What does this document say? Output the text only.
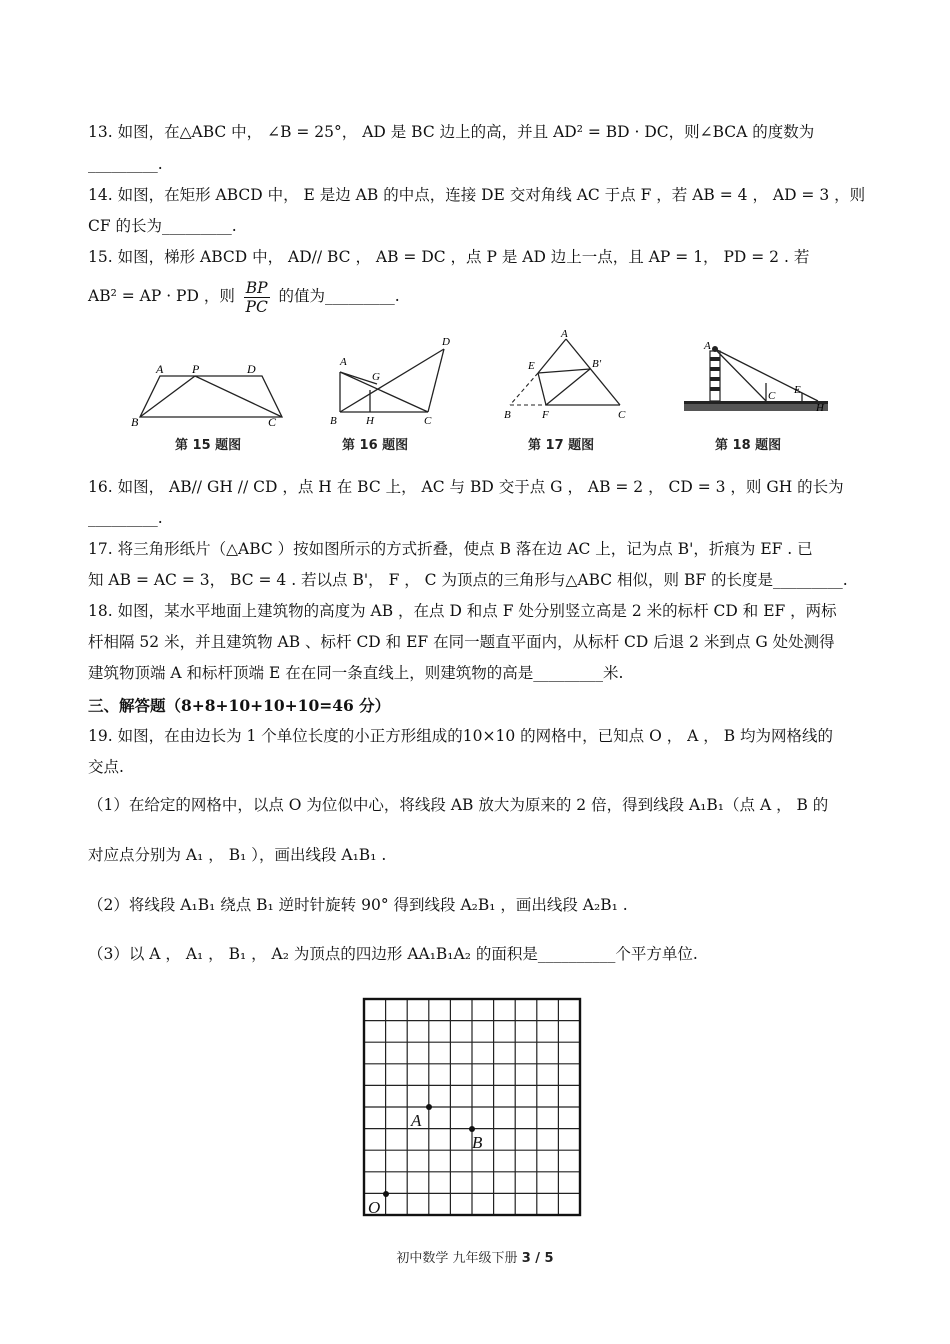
13. 如图，在△ABC 中， ∠B = 25°， AD 是 BC 边上的高，并且 AD² = BD · DC，则∠BCA 的度数为
_________.
14. 如图，在矩形 ABCD 中， E 是边 AB 的中点，连接 DE 交对角线 AC 于点 F ，若 AB = 4 ， AD = 3 ，则
CF 的长为_________.
15. 如图，梯形 ABCD 中， AD// BC ， AB = DC ，点 P 是 AD 边上一点，且 AP = 1， PD = 2 . 若
AB² = AP · PD ，则 $\frac{BP}{PC}$ 的值为_________.
A P	D
B	C
第 15 题图
A
G
D
B	H	C
第 16 题图
A
E	B'
B	F	C
第 17 题图
A
C E
H
第 18 题图
16. 如图， AB// GH // CD ，点 H 在 BC 上， AC 与 BD 交于点 G ， AB = 2 ， CD = 3 ，则 GH 的长为
_________.
17. 将三角形纸片（△ABC ）按如图所示的方式折叠，使点 B 落在边 AC 上，记为点 B'，折痕为 EF . 已
知 AB = AC = 3， BC = 4 . 若以点 B'， F ， C 为顶点的三角形与△ABC 相似，则 BF 的长度是_________.
18. 如图，某水平地面上建筑物的高度为 AB ，在点 D 和点 F 处分别竖立高是 2 米的标杆 CD 和 EF ，两标
杆相隔 52 米，并且建筑物 AB 、标杆 CD 和 EF 在同一题直平面内，从标杆 CD 后退 2 米到点 G 处处测得
建筑物顶端 A 和标杆顶端 E 在在同一条直线上，则建筑物的高是_________米.
三、解答题（8+8+10+10+10=46 分）
19. 如图，在由边长为 1 个单位长度的小正方形组成的10×10 的网格中，已知点 O ， A ， B 均为网格线的
交点.
（1）在给定的网格中，以点 O 为位似中心，将线段 AB 放大为原来的 2 倍，得到线段 A₁B₁（点 A ， B 的
对应点分别为 A₁ ， B₁ ），画出线段 A₁B₁ .
（2）将线段 A₁B₁ 绕点 B₁ 逆时针旋转 90° 得到线段 A₂B₁ ，画出线段 A₂B₁ .
（3）以 A ， A₁ ， B₁ ， A₂ 为顶点的四边形 AA₁B₁A₂ 的面积是__________个平方单位.
A
B
O
初中数学 九年级下册 3 / 5
